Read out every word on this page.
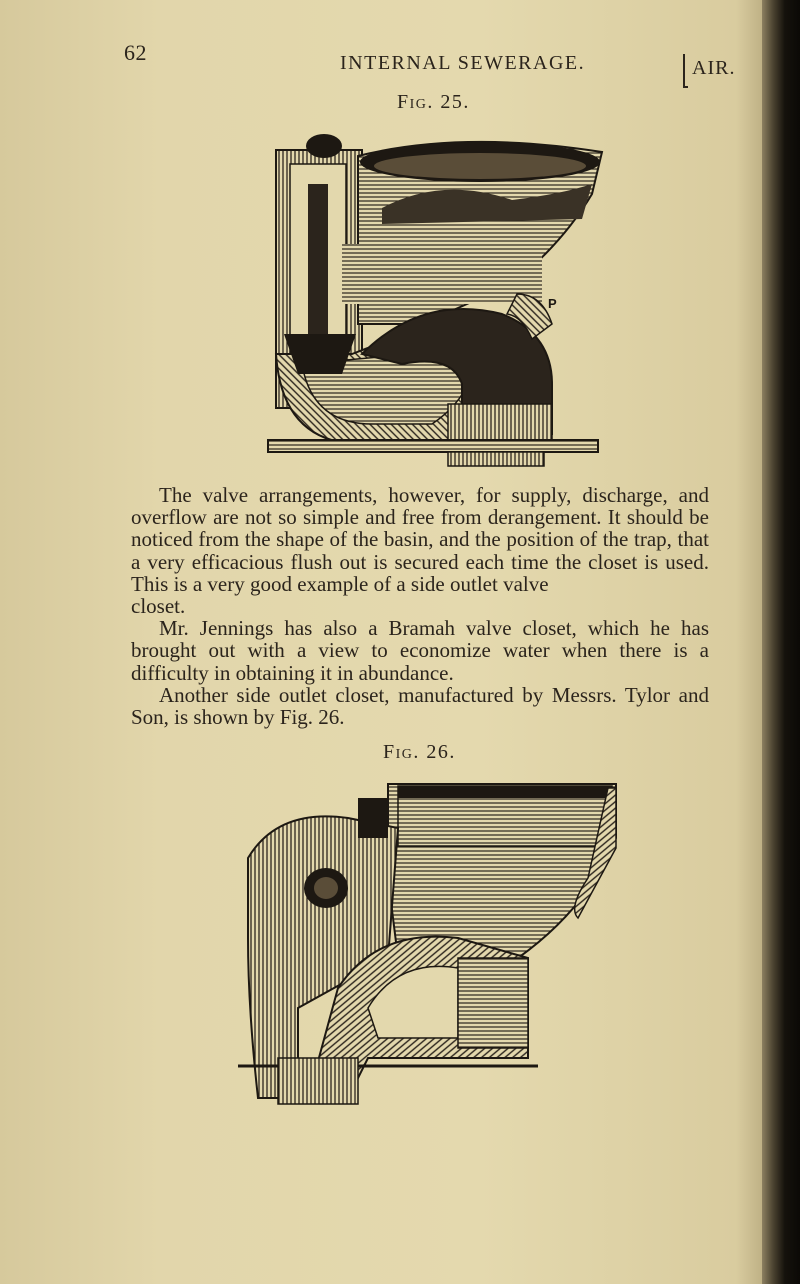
62	INTERNAL SEWERAGE.	AIR.
Fig. 25.
P

The valve arrangements, however, for supply, discharge, and overflow are not so simple and free from derangement. It should be noticed from the shape of the basin, and the position of the trap, that a very efficacious flush out is secured each time the closet is used. This is a very good example of a side outlet valve

closet.

Mr. Jennings has also a Bramah valve closet, which he has brought out with a view to economize water when there is a difficulty in obtaining it in abundance.

Another side outlet closet, manufactured by Messrs. Tylor and Son, is shown by Fig. 26.

Fig. 26.
